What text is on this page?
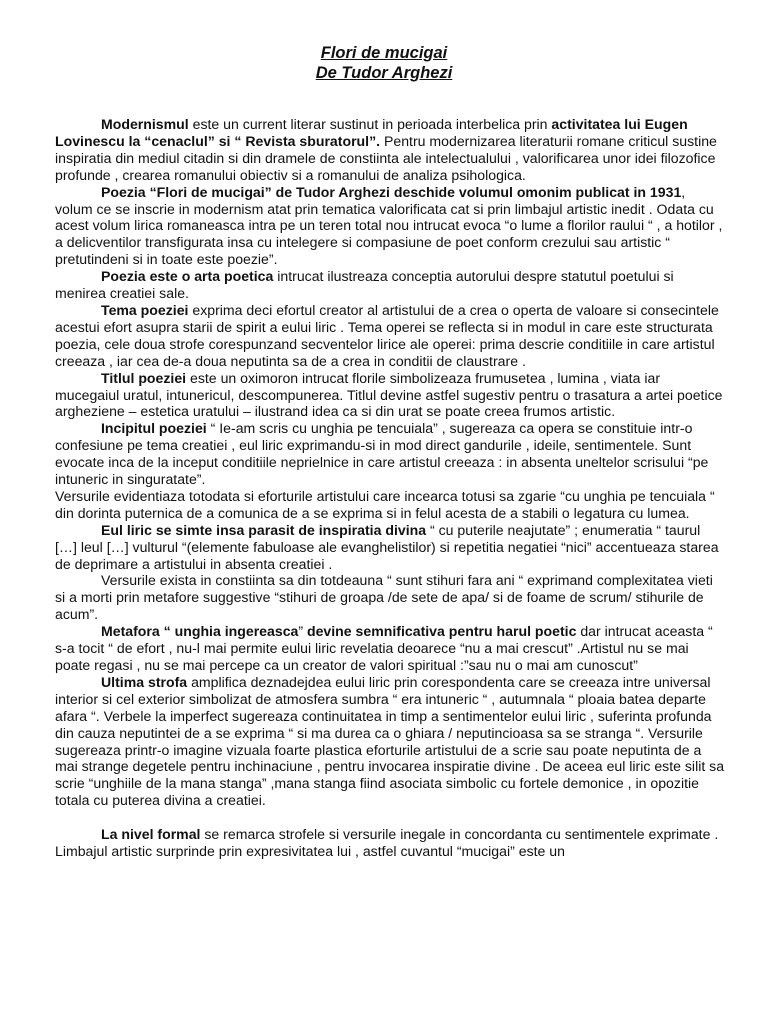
Flori de mucigai
De Tudor Arghezi

Modernismul este un current literar sustinut in perioada interbelica prin activitatea lui Eugen Lovinescu la “cenaclul” si “ Revista sburatorul”. Pentru modernizarea literaturii romane criticul sustine inspiratia din mediul citadin si din dramele de constiinta ale intelectualului , valorificarea unor idei filozofice profunde , crearea romanului obiectiv si a romanului de analiza psihologica.

Poezia “Flori de mucigai” de Tudor Arghezi deschide volumul omonim publicat in 1931, volum ce se inscrie in modernism atat prin tematica valorificata cat si prin limbajul artistic inedit . Odata cu acest volum lirica romaneasca intra pe un teren total nou intrucat evoca “o lume a florilor raului “ , a hotilor , a delicventilor transfigurata insa cu intelegere si compasiune de poet conform crezului sau artistic “ pretutindeni si in toate este poezie”.

Poezia este o arta poetica intrucat ilustreaza conceptia autorului despre statutul poetului si menirea creatiei sale.

Tema poeziei exprima deci efortul creator al artistului de a crea o operta de valoare si consecintele acestui efort asupra starii de spirit a eului liric . Tema operei se reflecta si in modul in care este structurata poezia, cele doua strofe corespunzand secventelor lirice ale operei: prima descrie conditiile in care artistul creeaza , iar cea de-a doua neputinta sa de a crea in conditii de claustrare .

Titlul poeziei este un oximoron intrucat florile simbolizeaza frumusetea , lumina , viata iar mucegaiul uratul, intunericul, descompunerea. Titlul devine astfel sugestiv pentru o trasatura a artei poetice argheziene – estetica uratului – ilustrand idea ca si din urat se poate creea frumos artistic.

Incipitul poeziei “ Ie-am scris cu unghia pe tencuiala” , sugereaza ca opera se constituie intr-o confesiune pe tema creatiei , eul liric exprimandu-si in mod direct gandurile , ideile, sentimentele. Sunt evocate inca de la inceput conditiile neprielnice in care artistul creeaza : in absenta uneltelor scrisului “pe intuneric in singuratate”.

Versurile evidentiaza totodata si eforturile artistului care incearca totusi sa zgarie “cu unghia pe tencuiala “ din dorinta puternica de a comunica de a se exprima si in felul acesta de a stabili o legatura cu lumea.

Eul liric se simte insa parasit de inspiratia divina “ cu puterile neajutate” ; enumeratia “ taurul […] leul […] vulturul “(elemente fabuloase ale evanghelistilor) si repetitia negatiei “nici” accentueaza starea de deprimare a artistului in absenta creatiei .

Versurile exista in constiinta sa din totdeauna “ sunt stihuri fara ani “ exprimand complexitatea vieti si a morti prin metafore suggestive “stihuri de groapa /de sete de apa/ si de foame de scrum/ stihurile de acum”.

Metafora “ unghia ingereasca” devine semnificativa pentru harul poetic dar intrucat aceasta “ s-a tocit “ de efort , nu-l mai permite eului liric revelatia deoarece “nu a mai crescut” .Artistul nu se mai poate regasi , nu se mai percepe ca un creator de valori spiritual :”sau nu o mai am cunoscut”

Ultima strofa amplifica deznadejdea eului liric prin corespondenta care se creeaza intre universal interior si cel exterior simbolizat de atmosfera sumbra “ era intuneric “ , autumnala “ ploaia batea departe afara “. Verbele la imperfect sugereaza continuitatea in timp a sentimentelor eului liric , suferinta profunda din cauza neputintei de a se exprima “ si ma durea ca o ghiara / neputincioasa sa se stranga “. Versurile sugereaza printr-o imagine vizuala foarte plastica eforturile artistului de a scrie sau poate neputinta de a mai strange degetele pentru inchinaciune , pentru invocarea inspiratie divine . De aceea eul liric este silit sa scrie “unghiile de la mana stanga” ,mana stanga fiind asociata simbolic cu fortele demonice , in opozitie totala cu puterea divina a creatiei.

La nivel formal se remarca strofele si versurile inegale in concordanta cu sentimentele exprimate . Limbajul artistic surprinde prin expresivitatea lui , astfel cuvantul “mucigai” este un
